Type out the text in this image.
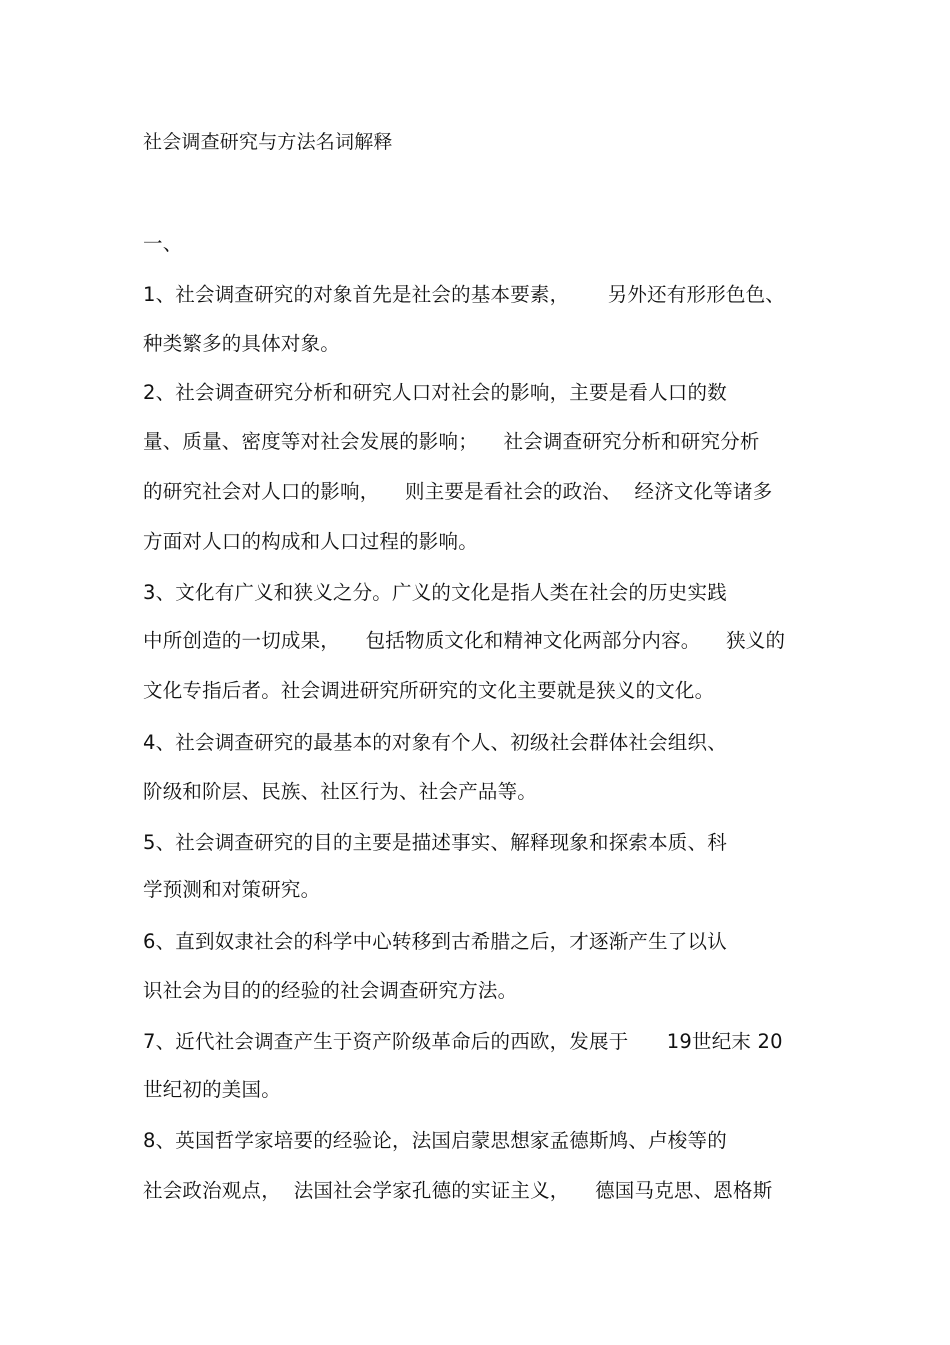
社会调查研究与方法名词解释
一、
1、社会调查研究的对象首先是社会的基本要素，      另外还有形形色色、
种类繁多的具体对象。
2、社会调查研究分析和研究人口对社会的影响，主要是看人口的数
量、质量、密度等对社会发展的影响；    社会调查研究分析和研究分析
的研究社会对人口的影响，    则主要是看社会的政治、  经济文化等诸多
方面对人口的构成和人口过程的影响。
3、文化有广义和狭义之分。广义的文化是指人类在社会的历史实践
中所创造的一切成果，    包括物质文化和精神文化两部分内容。    狭义的
文化专指后者。社会调进研究所研究的文化主要就是狭义的文化。
4、社会调查研究的最基本的对象有个人、初级社会群体社会组织、
阶级和阶层、民族、社区行为、社会产品等。
5、社会调查研究的目的主要是描述事实、解释现象和探索本质、科
学预测和对策研究。
6、直到奴隶社会的科学中心转移到古希腊之后，才逐渐产生了以认
识社会为目的的经验的社会调查研究方法。
7、近代社会调查产生于资产阶级革命后的西欧，发展于      19世纪末 20
世纪初的美国。
8、英国哲学家培要的经验论，法国启蒙思想家孟德斯鸠、卢梭等的
社会政治观点，  法国社会学家孔德的实证主义，    德国马克思、恩格斯
